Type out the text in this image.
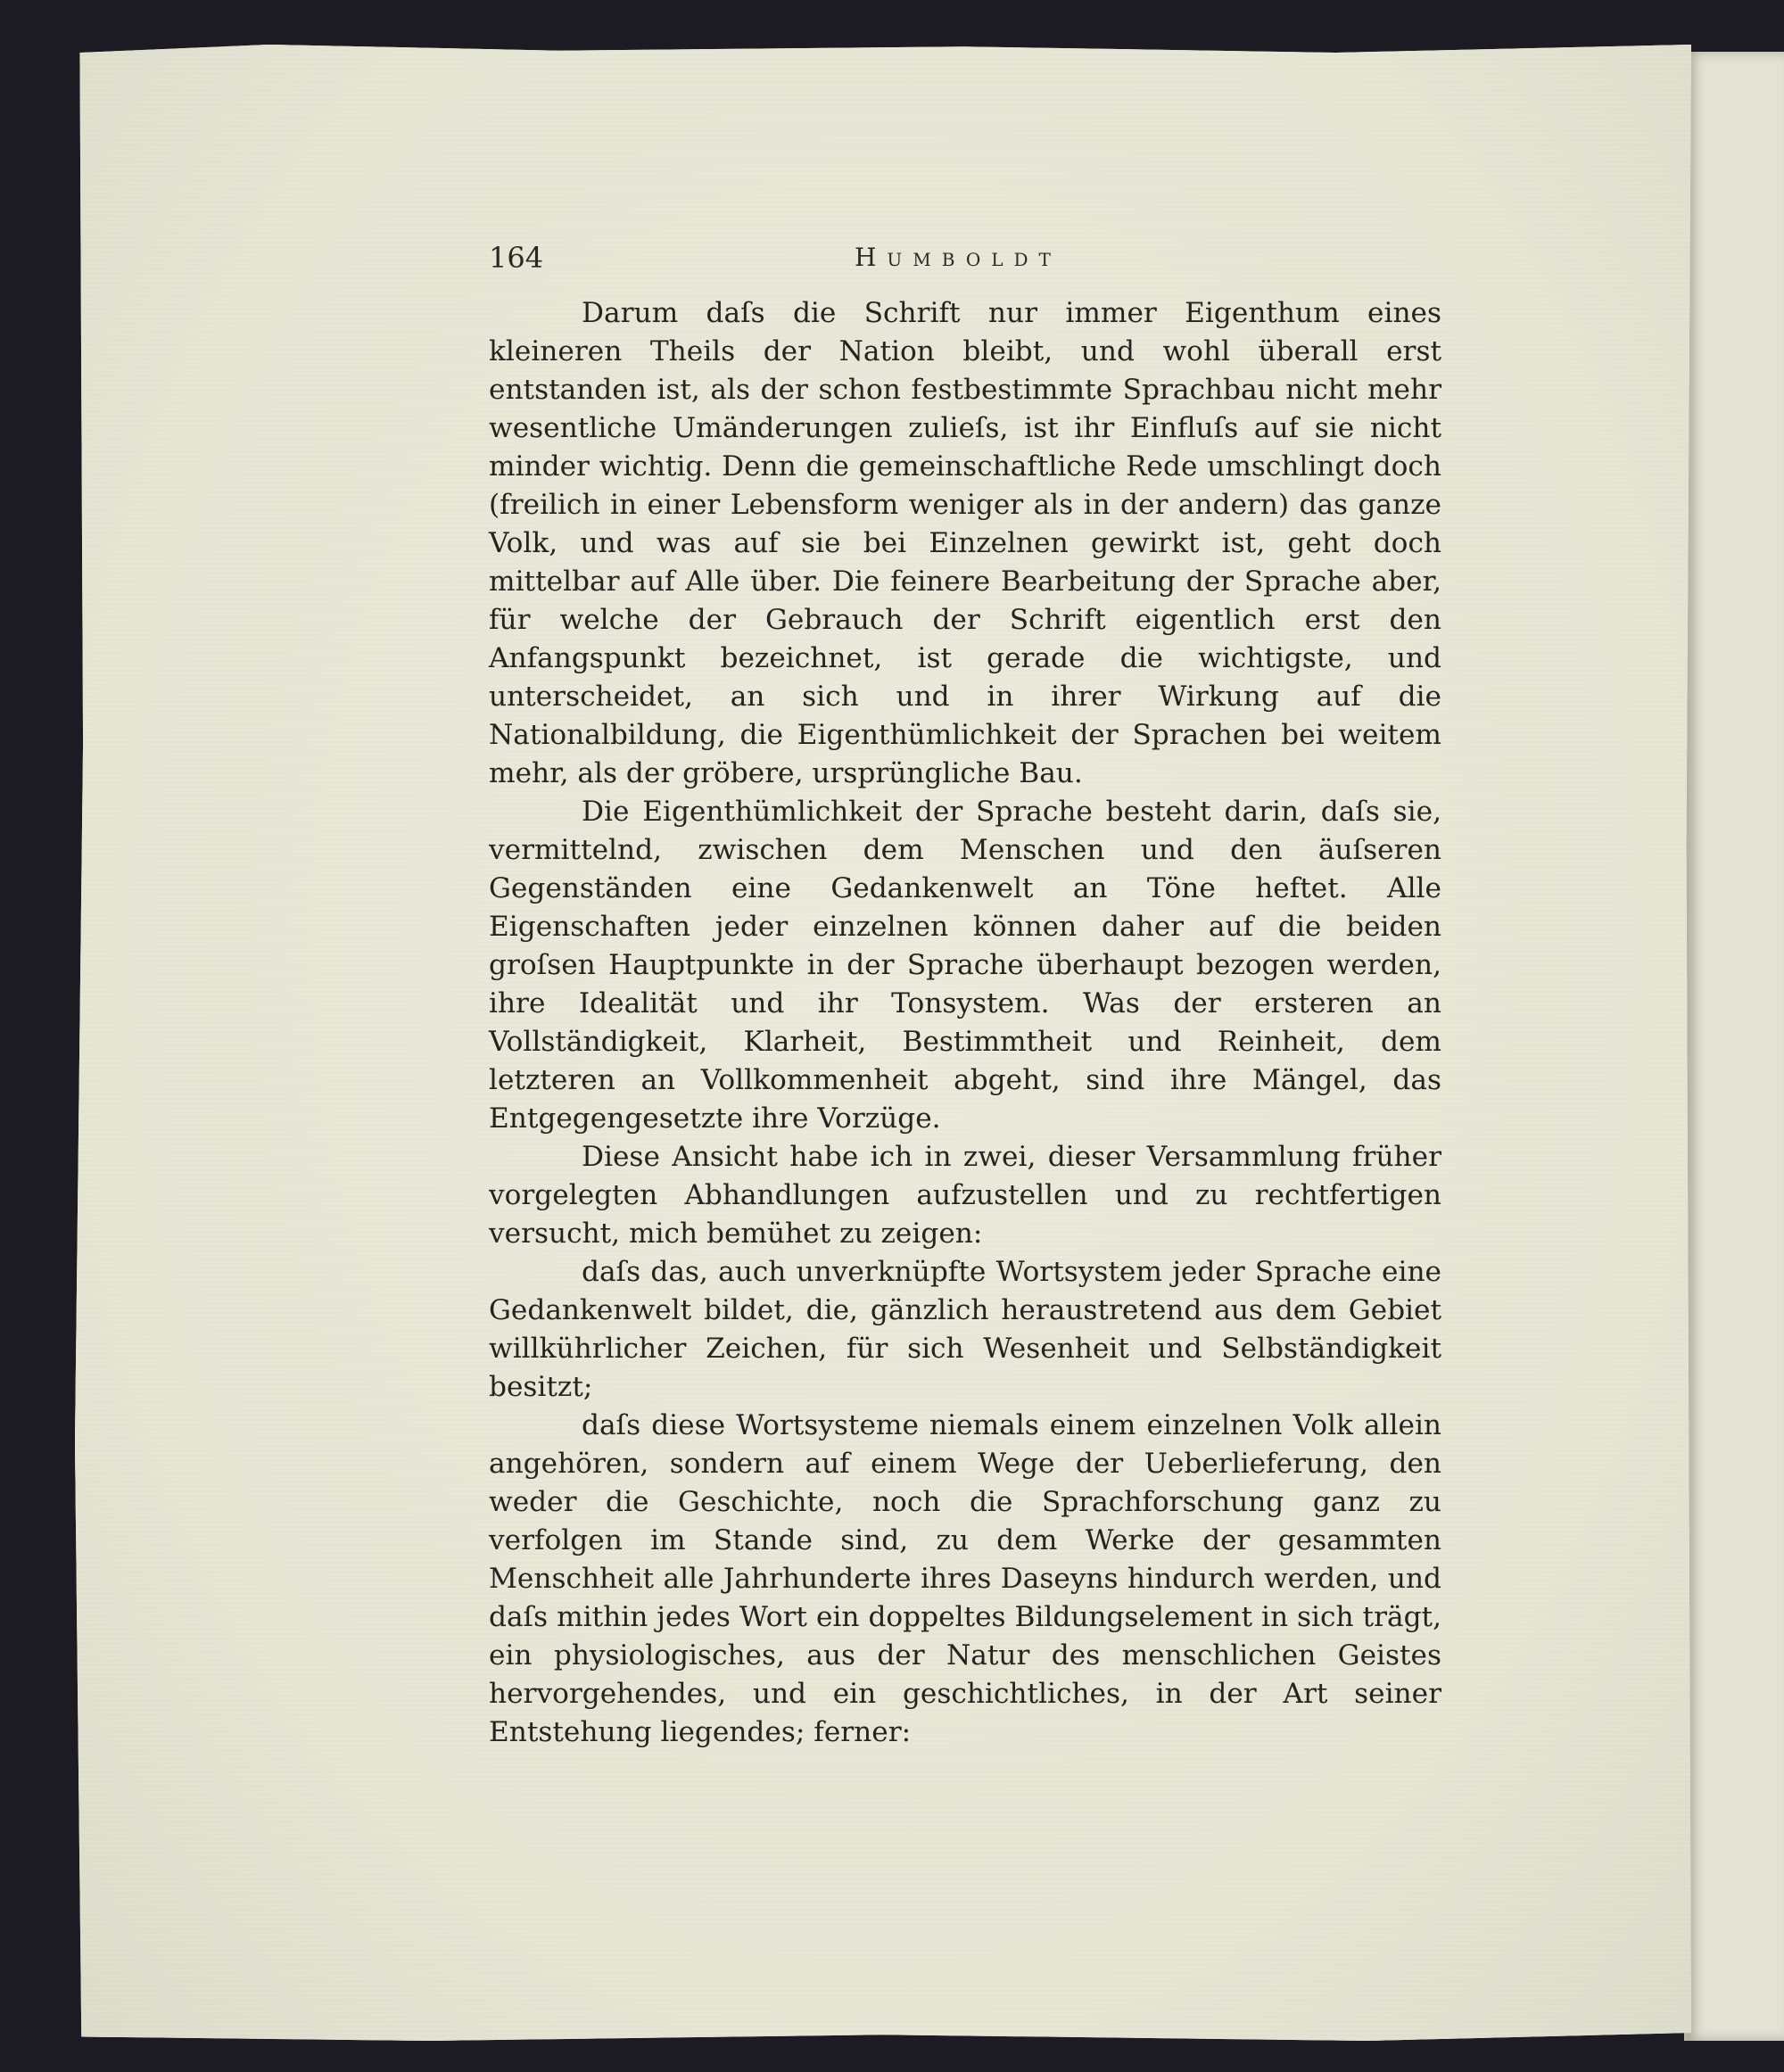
164	Humboldt

Darum daſs die Schrift nur immer Eigenthum eines kleineren Theils der Nation bleibt, und wohl überall erst entstanden ist, als der schon festbestimmte Sprachbau nicht mehr wesentliche Umänderungen zulieſs, ist ihr Einfluſs auf sie nicht minder wichtig. Denn die gemeinschaftliche Rede umschlingt doch (freilich in einer Lebensform weniger als in der andern) das ganze Volk, und was auf sie bei Einzelnen gewirkt ist, geht doch mittelbar auf Alle über. Die feinere Bearbeitung der Sprache aber, für welche der Gebrauch der Schrift eigentlich erst den Anfangspunkt bezeichnet, ist gerade die wichtigste, und unterscheidet, an sich und in ihrer Wirkung auf die Nationalbildung, die Eigenthümlichkeit der Sprachen bei weitem mehr, als der gröbere, ursprüngliche Bau.

Die Eigenthümlichkeit der Sprache besteht darin, daſs sie, vermittelnd, zwischen dem Menschen und den äuſseren Gegenständen eine Gedankenwelt an Töne heftet. Alle Eigenschaften jeder einzelnen können daher auf die beiden groſsen Hauptpunkte in der Sprache überhaupt bezogen werden, ihre Idealität und ihr Tonsystem. Was der ersteren an Vollständigkeit, Klarheit, Bestimmtheit und Reinheit, dem letzteren an Vollkommenheit abgeht, sind ihre Mängel, das Entgegengesetzte ihre Vorzüge.

Diese Ansicht habe ich in zwei, dieser Versammlung früher vorgelegten Abhandlungen aufzustellen und zu rechtfertigen versucht, mich bemühet zu zeigen:

daſs das, auch unverknüpfte Wortsystem jeder Sprache eine Gedankenwelt bildet, die, gänzlich heraustretend aus dem Gebiet willkührlicher Zeichen, für sich Wesenheit und Selbständigkeit besitzt;

daſs diese Wortsysteme niemals einem einzelnen Volk allein angehören, sondern auf einem Wege der Ueberlieferung, den weder die Geschichte, noch die Sprachforschung ganz zu verfolgen im Stande sind, zu dem Werke der gesammten Menschheit alle Jahrhunderte ihres Daseyns hindurch werden, und daſs mithin jedes Wort ein doppeltes Bildungselement in sich trägt, ein physiologisches, aus der Natur des menschlichen Geistes hervorgehendes, und ein geschichtliches, in der Art seiner Entstehung liegendes; ferner:
